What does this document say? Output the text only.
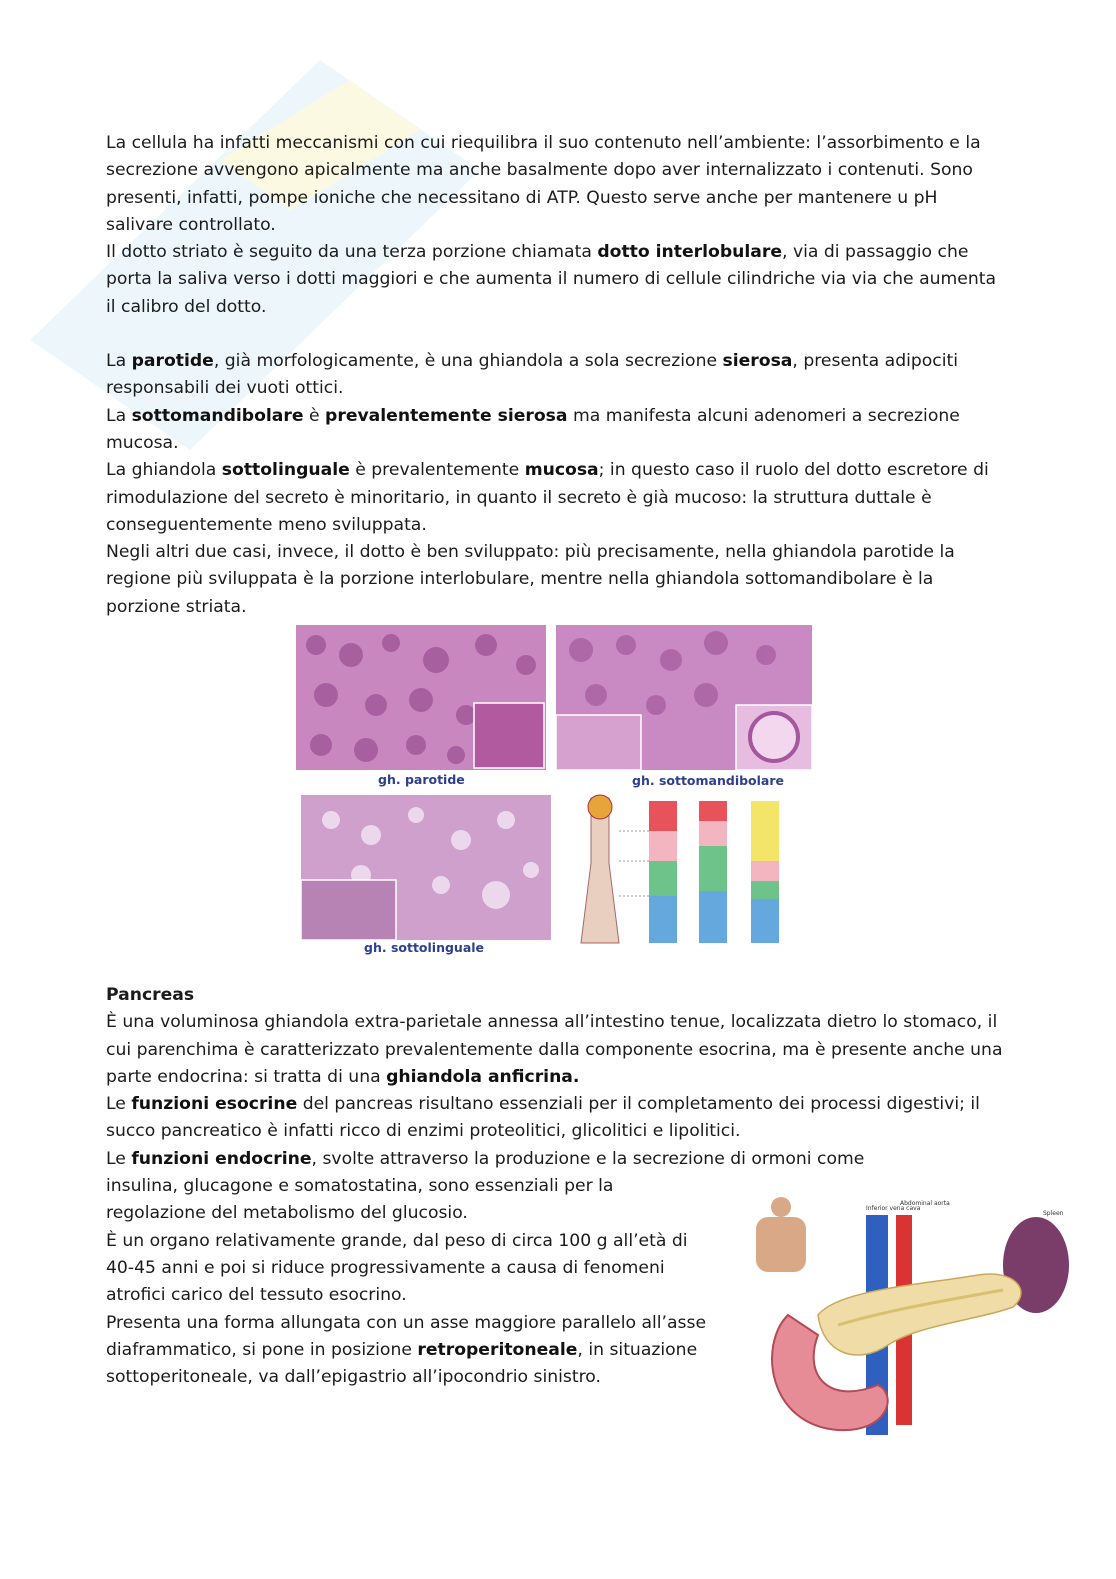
La cellula ha infatti meccanismi con cui riequilibra il suo contenuto nell’ambiente: l’assorbimento e la secrezione avvengono apicalmente ma anche basalmente dopo aver internalizzato i contenuti. Sono presenti, infatti, pompe ioniche che necessitano di ATP. Questo serve anche per mantenere u pH salivare controllato.

Il dotto striato è seguito da una terza porzione chiamata dotto interlobulare, via di passaggio che porta la saliva verso i dotti maggiori e che aumenta il numero di cellule cilindriche via via che aumenta il calibro del dotto.

La parotide, già morfologicamente, è una ghiandola a sola secrezione sierosa, presenta adipociti responsabili dei vuoti ottici.

La sottomandibolare è prevalentemente sierosa ma manifesta alcuni adenomeri a secrezione mucosa.

La ghiandola sottolinguale è prevalentemente mucosa; in questo caso il ruolo del dotto escretore di rimodulazione del secreto è minoritario, in quanto il secreto è già mucoso: la struttura duttale è conseguentemente meno sviluppata.

Negli altri due casi, invece, il dotto è ben sviluppato: più precisamente, nella ghiandola parotide la regione più sviluppata è la porzione interlobulare, mentre nella ghiandola sottomandibolare è la porzione striata.

gh. parotide	gh. sottomandibolare
gh. sottolinguale

Pancreas

È una voluminosa ghiandola extra-parietale annessa all’intestino tenue, localizzata dietro lo stomaco, il cui parenchima è caratterizzato prevalentemente dalla componente esocrina, ma è presente anche una parte endocrina: si tratta di una ghiandola anficrina.

Le funzioni esocrine del pancreas risultano essenziali per il completamento dei processi digestivi; il succo pancreatico è infatti ricco di enzimi proteolitici, glicolitici e lipolitici.

Le funzioni endocrine, svolte attraverso la produzione e la secrezione di ormoni come

insulina, glucagone e somatostatina, sono essenziali per la regolazione del metabolismo del glucosio.

È un organo relativamente grande, dal peso di circa 100 g all’età di 40-45 anni e poi si riduce progressivamente a causa di fenomeni atrofici carico del tessuto esocrino.

Presenta una forma allungata con un asse maggiore parallelo all’asse diaframmatico, si pone in posizione retroperitoneale, in situazione sottoperitoneale, va dall’epigastrio all’ipocondrio sinistro.

Inferior vena cava
Abdominal aorta
Spleen
